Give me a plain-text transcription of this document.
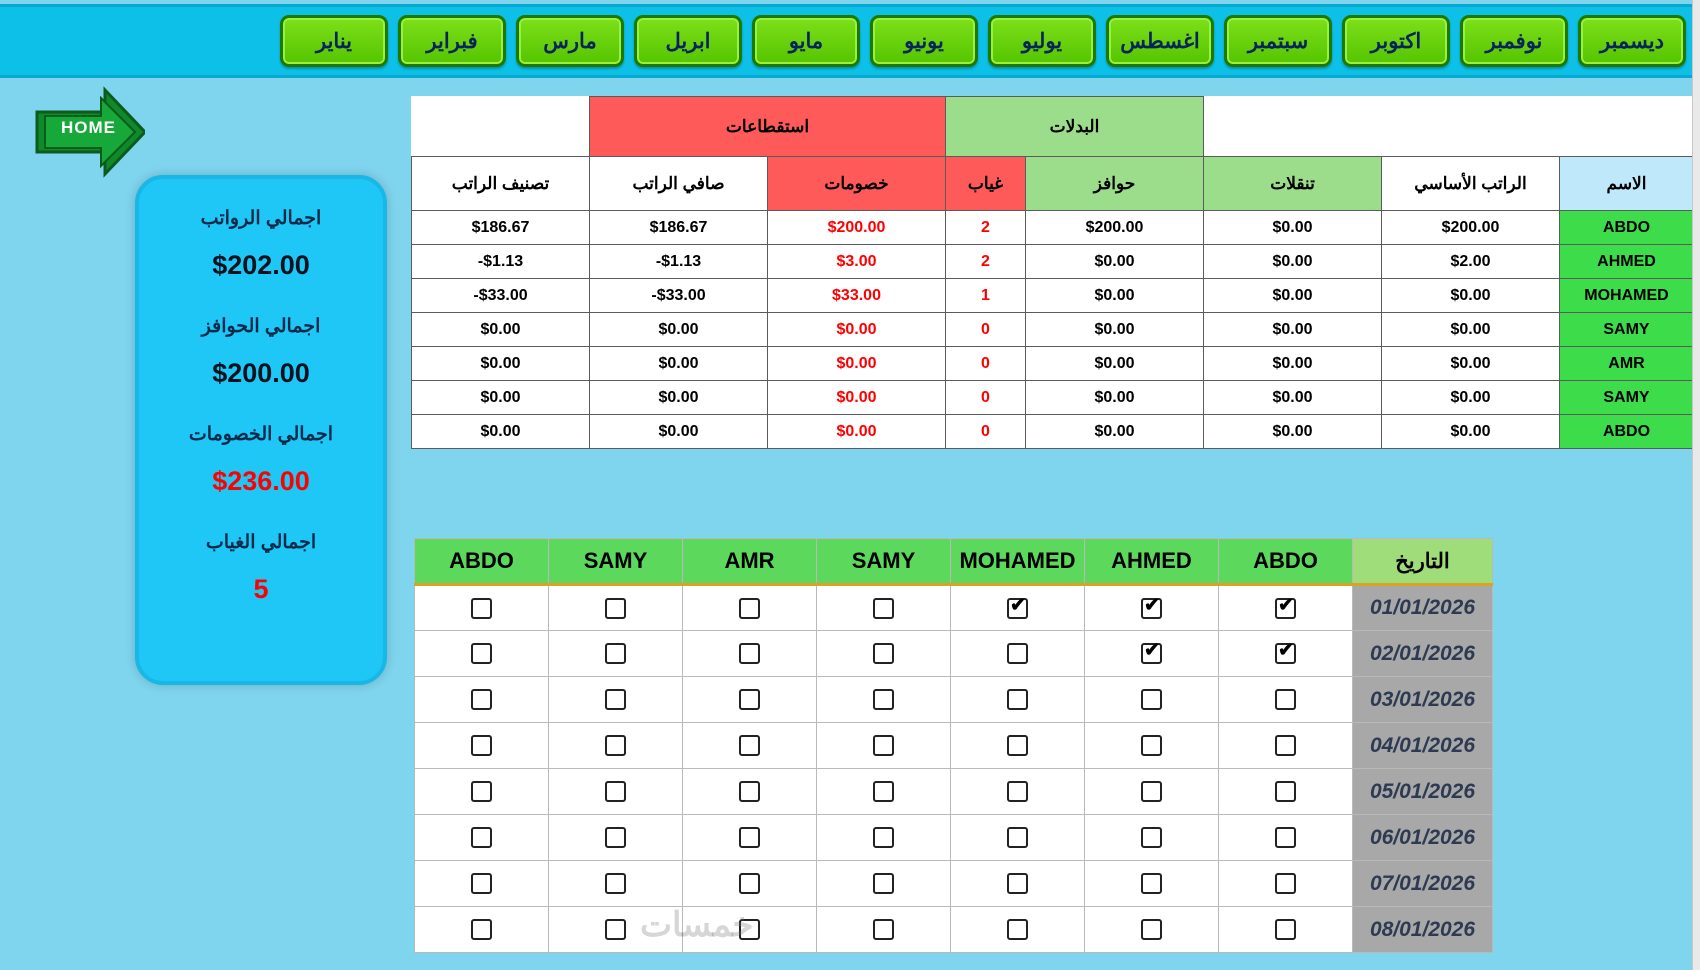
ديسمبر
نوفمبر
اكتوبر
سبتمبر
اغسطس
يوليو
يونيو
مايو
ابريل
مارس
فبراير
يناير
HOME
اجمالي الرواتب
$202.00
اجمالي الحوافز
$200.00
اجمالي الخصومات
$236.00
اجمالي الغياب
5
			البدلات		استقطاعات		
الاسم	الراتب الأساسي	تنقلات	حوافز	غياب	خصومات	صافي الراتب	تصنيف الراتب
ABDO	$200.00	$0.00	$200.00	2	$200.00	$186.67	$186.67
AHMED	$2.00	$0.00	$0.00	2	$3.00	-$1.13	-$1.13
MOHAMED	$0.00	$0.00	$0.00	1	$33.00	-$33.00	-$33.00
SAMY	$0.00	$0.00	$0.00	0	$0.00	$0.00	$0.00
AMR	$0.00	$0.00	$0.00	0	$0.00	$0.00	$0.00
SAMY	$0.00	$0.00	$0.00	0	$0.00	$0.00	$0.00
ABDO	$0.00	$0.00	$0.00	0	$0.00	$0.00	$0.00
التاريخ	ABDO	AHMED	MOHAMED	SAMY	AMR	SAMY	ABDO
01/01/2026	✔	✔	✔				
02/01/2026	✔	✔					
03/01/2026							
04/01/2026							
05/01/2026							
06/01/2026							
07/01/2026							
08/01/2026							
خمسات
